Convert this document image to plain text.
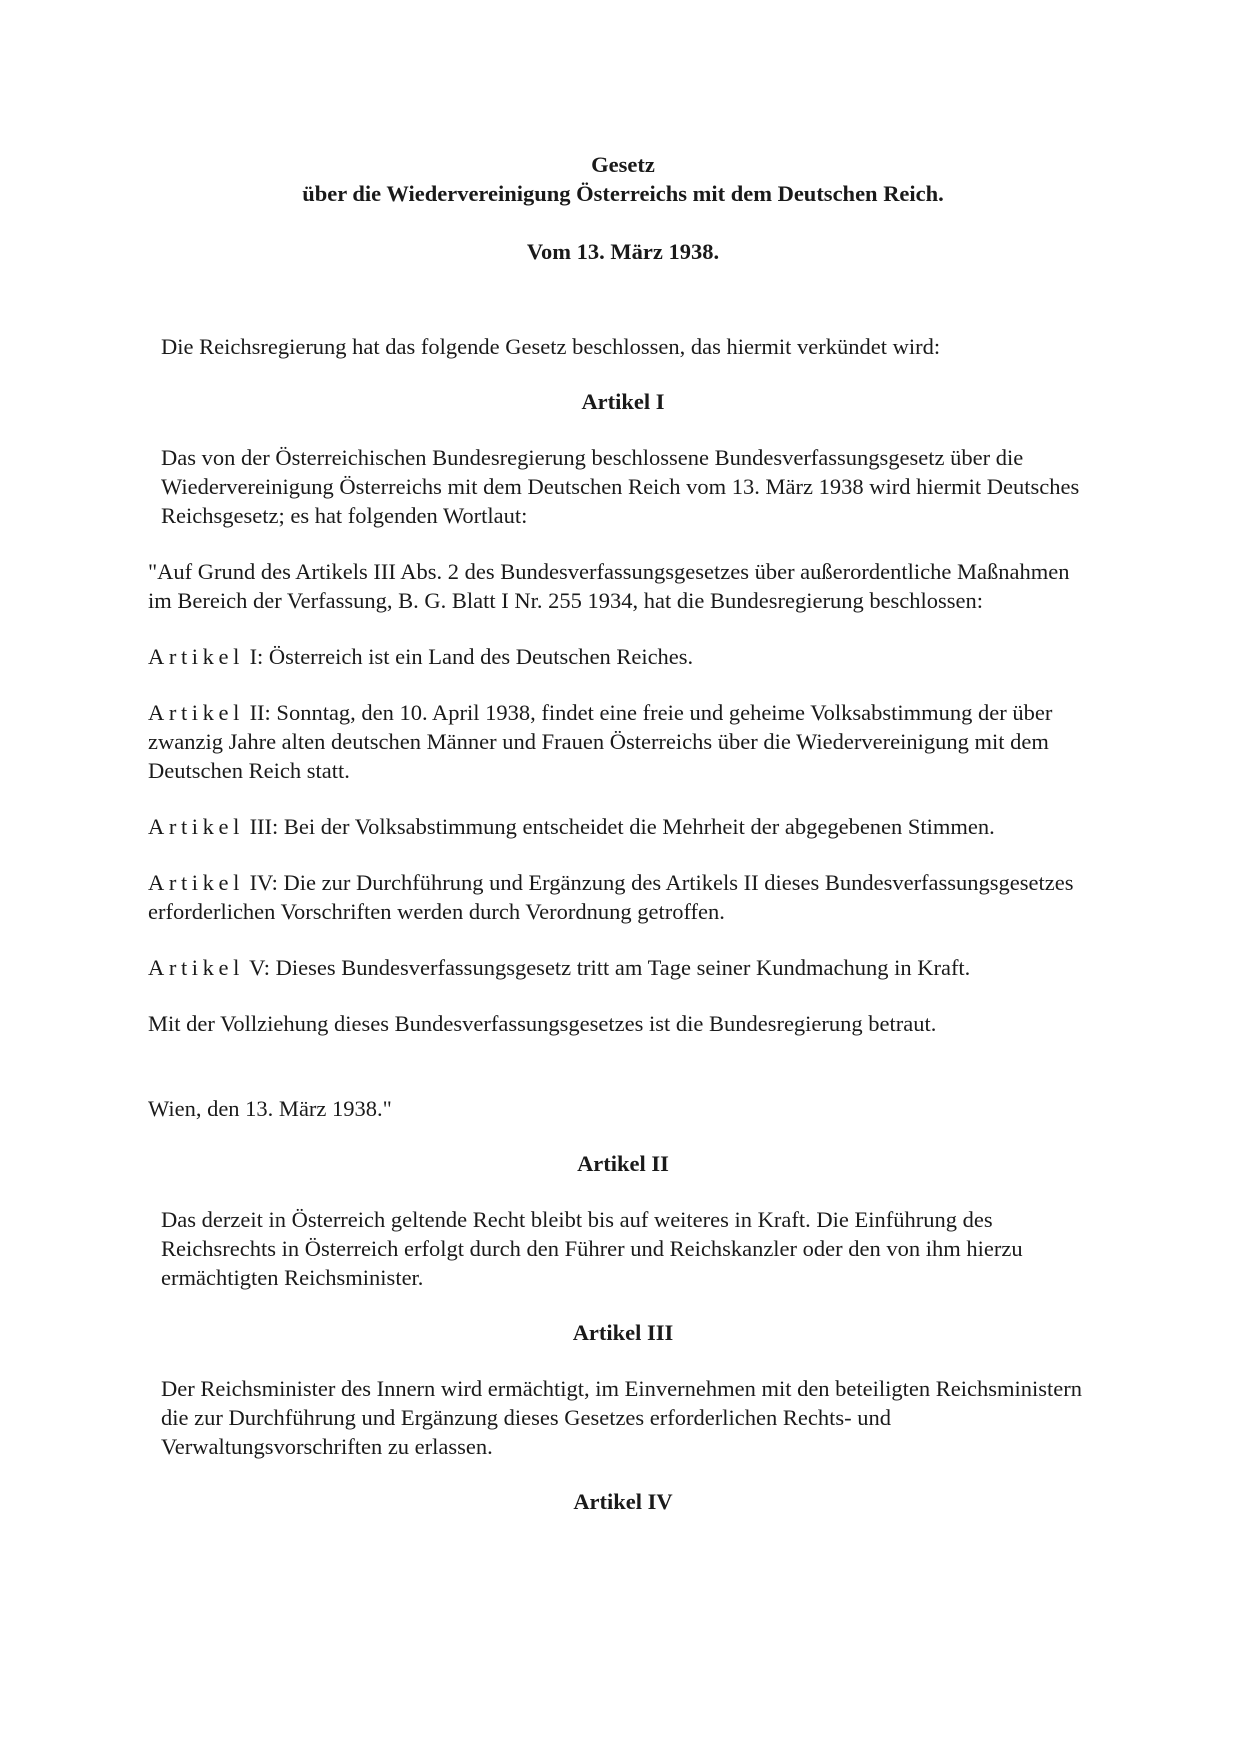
Gesetz
über die Wiedervereinigung Österreichs mit dem Deutschen Reich.

Vom 13. März 1938.

Die Reichsregierung hat das folgende Gesetz beschlossen, das hiermit verkündet wird:

Artikel I

Das von der Österreichischen Bundesregierung beschlossene Bundesverfassungsgesetz über die Wiedervereinigung Österreichs mit dem Deutschen Reich vom 13. März 1938 wird hiermit Deutsches Reichsgesetz; es hat folgenden Wortlaut:

"Auf Grund des Artikels III Abs. 2 des Bundesverfassungsgesetzes über außerordentliche Maßnahmen im Bereich der Verfassung, B. G. Blatt I Nr. 255 1934, hat die Bundesregierung beschlossen:

Artikel I: Österreich ist ein Land des Deutschen Reiches.

Artikel II: Sonntag, den 10. April 1938, findet eine freie und geheime Volksabstimmung der über zwanzig Jahre alten deutschen Männer und Frauen Österreichs über die Wiedervereinigung mit dem Deutschen Reich statt.

Artikel III: Bei der Volksabstimmung entscheidet die Mehrheit der abgegebenen Stimmen.

Artikel IV: Die zur Durchführung und Ergänzung des Artikels II dieses Bundesverfassungsgesetzes erforderlichen Vorschriften werden durch Verordnung getroffen.

Artikel V: Dieses Bundesverfassungsgesetz tritt am Tage seiner Kundmachung in Kraft.

Mit der Vollziehung dieses Bundesverfassungsgesetzes ist die Bundesregierung betraut.

Wien, den 13. März 1938."

Artikel II

Das derzeit in Österreich geltende Recht bleibt bis auf weiteres in Kraft. Die Einführung des Reichsrechts in Österreich erfolgt durch den Führer und Reichskanzler oder den von ihm hierzu ermächtigten Reichsminister.

Artikel III

Der Reichsminister des Innern wird ermächtigt, im Einvernehmen mit den beteiligten Reichsministern die zur Durchführung und Ergänzung dieses Gesetzes erforderlichen Rechts- und Verwaltungsvorschriften zu erlassen.

Artikel IV
